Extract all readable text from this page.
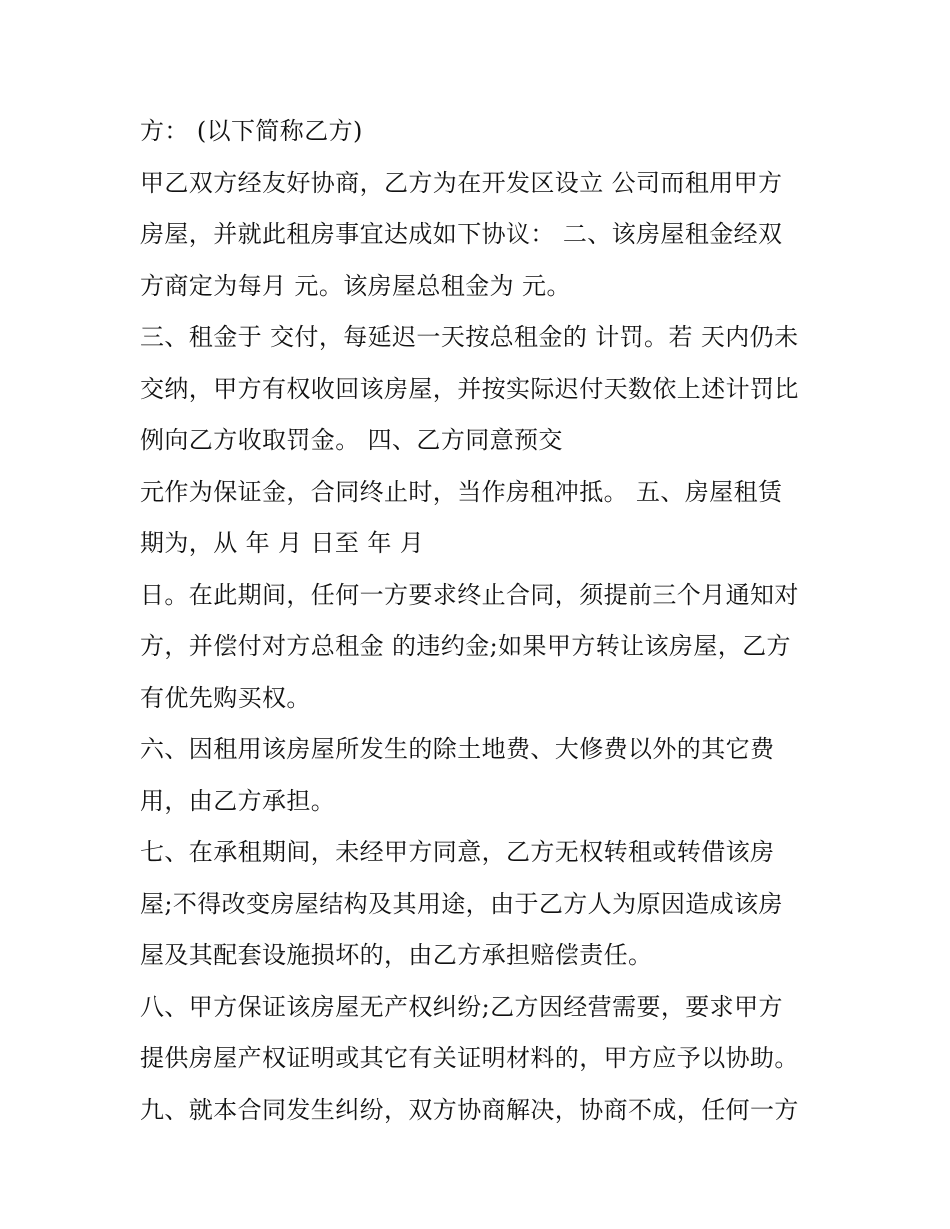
方： (以下简称乙方)
甲乙双方经友好协商，乙方为在开发区设立 公司而租用甲方
房屋，并就此租房事宜达成如下协议： 二、该房屋租金经双
方商定为每月 元。该房屋总租金为 元。
三、租金于 交付，每延迟一天按总租金的 计罚。若 天内仍未
交纳，甲方有权收回该房屋，并按实际迟付天数依上述计罚比
例向乙方收取罚金。 四、乙方同意预交
元作为保证金，合同终止时，当作房租冲抵。 五、房屋租赁
期为，从 年 月 日至 年 月
日。在此期间，任何一方要求终止合同，须提前三个月通知对
方，并偿付对方总租金 的违约金;如果甲方转让该房屋，乙方
有优先购买权。
六、因租用该房屋所发生的除土地费、大修费以外的其它费
用，由乙方承担。
七、在承租期间，未经甲方同意，乙方无权转租或转借该房
屋;不得改变房屋结构及其用途，由于乙方人为原因造成该房
屋及其配套设施损坏的，由乙方承担赔偿责任。
八、甲方保证该房屋无产权纠纷;乙方因经营需要，要求甲方
提供房屋产权证明或其它有关证明材料的，甲方应予以协助。
九、就本合同发生纠纷，双方协商解决，协商不成，任何一方
